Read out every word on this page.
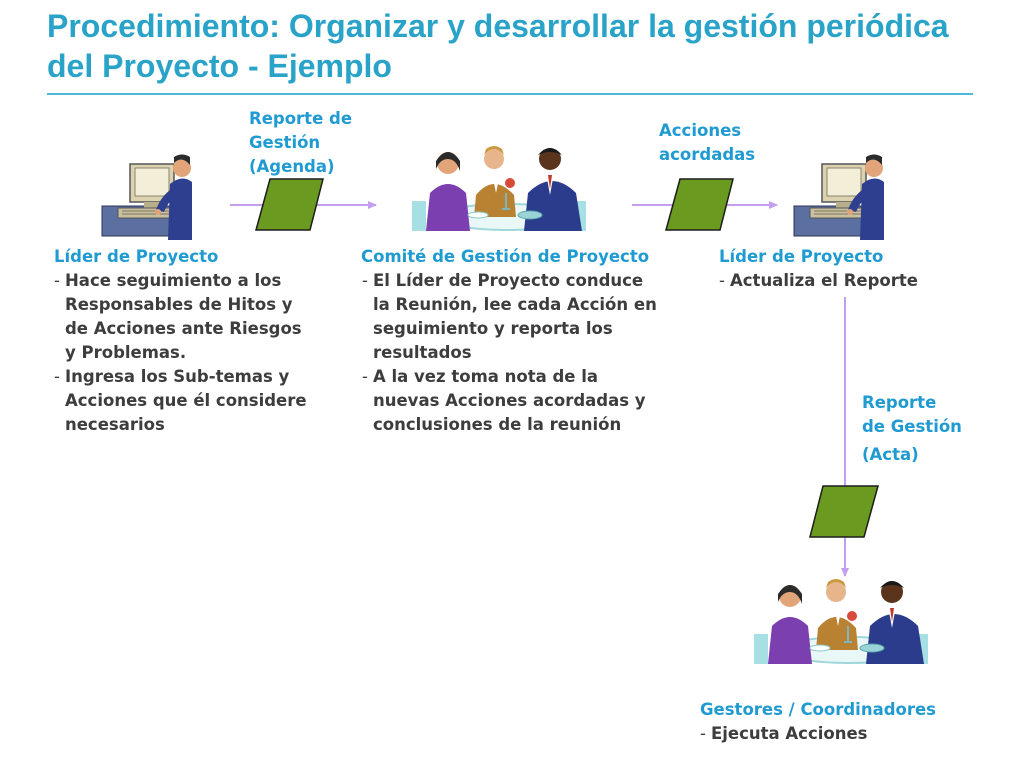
Procedimiento: Organizar y desarrollar la gestión periódica del Proyecto - Ejemplo
Reporte de
Gestión
(Agenda)
Acciones
acordadas
Reporte
de Gestión
(Acta)
Líder de Proyecto
- Hace seguimiento a los
Responsables de Hitos y
de Acciones ante Riesgos
y Problemas.
- Ingresa los Sub-temas y
Acciones que él considere
necesarios
Comité de Gestión de Proyecto
- El Líder de Proyecto conduce
la Reunión, lee cada Acción en
seguimiento y reporta los
resultados
- A la vez toma nota de la
nuevas Acciones acordadas y
conclusiones de la reunión
Líder de Proyecto
- Actualiza el Reporte
Gestores / Coordinadores
- Ejecuta Acciones
